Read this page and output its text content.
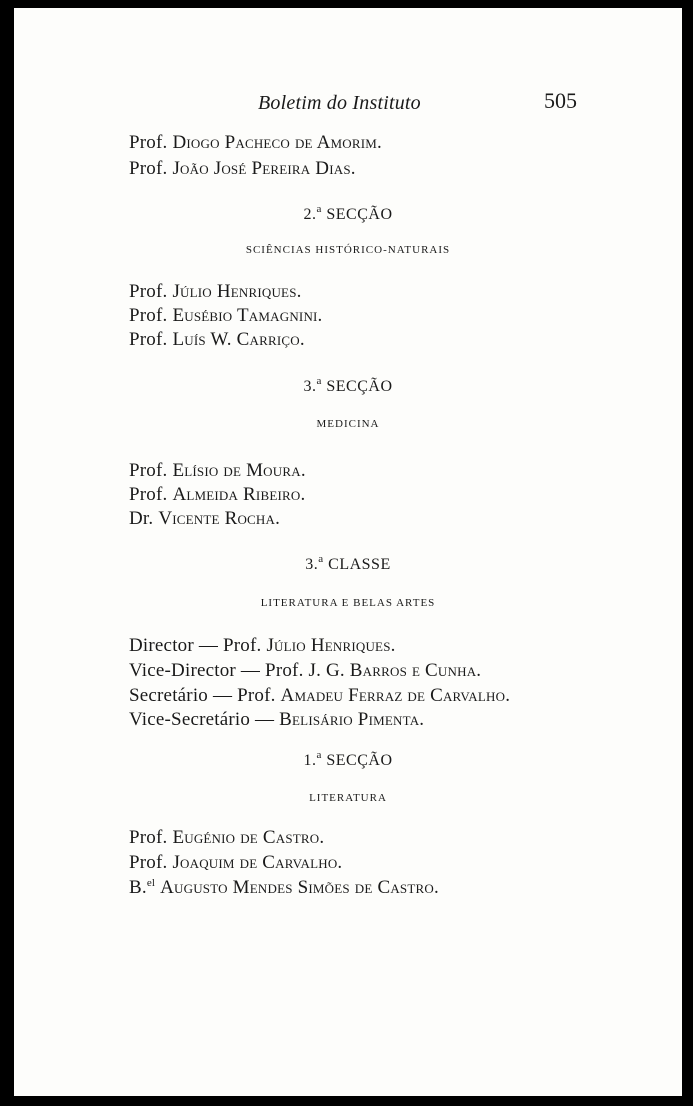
Boletim do Instituto	505
Prof. Diogo Pacheco de Amorim.
Prof. João José Pereira Dias.
2.$^a$ SECÇÃO
SCIÊNCIAS HISTÓRICO-NATURAIS
Prof. Júlio Henriques.
Prof. Eusébio Tamagnini.
Prof. Luís W. Carriço.
3.$^a$ SECÇÃO
MEDICINA
Prof. Elísio de Moura.
Prof. Almeida Ribeiro.
Dr. Vicente Rocha.
3.$^a$ CLASSE
LITERATURA E BELAS ARTES
Director — Prof. Júlio Henriques.
Vice-Director — Prof. J. G. Barros e Cunha.
Secretário — Prof. Amadeu Ferraz de Carvalho.
Vice-Secretário — Belisário Pimenta.
1.$^a$ SECÇÃO
LITERATURA
Prof. Eugénio de Castro.
Prof. Joaquim de Carvalho.
B.$^{el}$ Augusto Mendes Simões de Castro.
